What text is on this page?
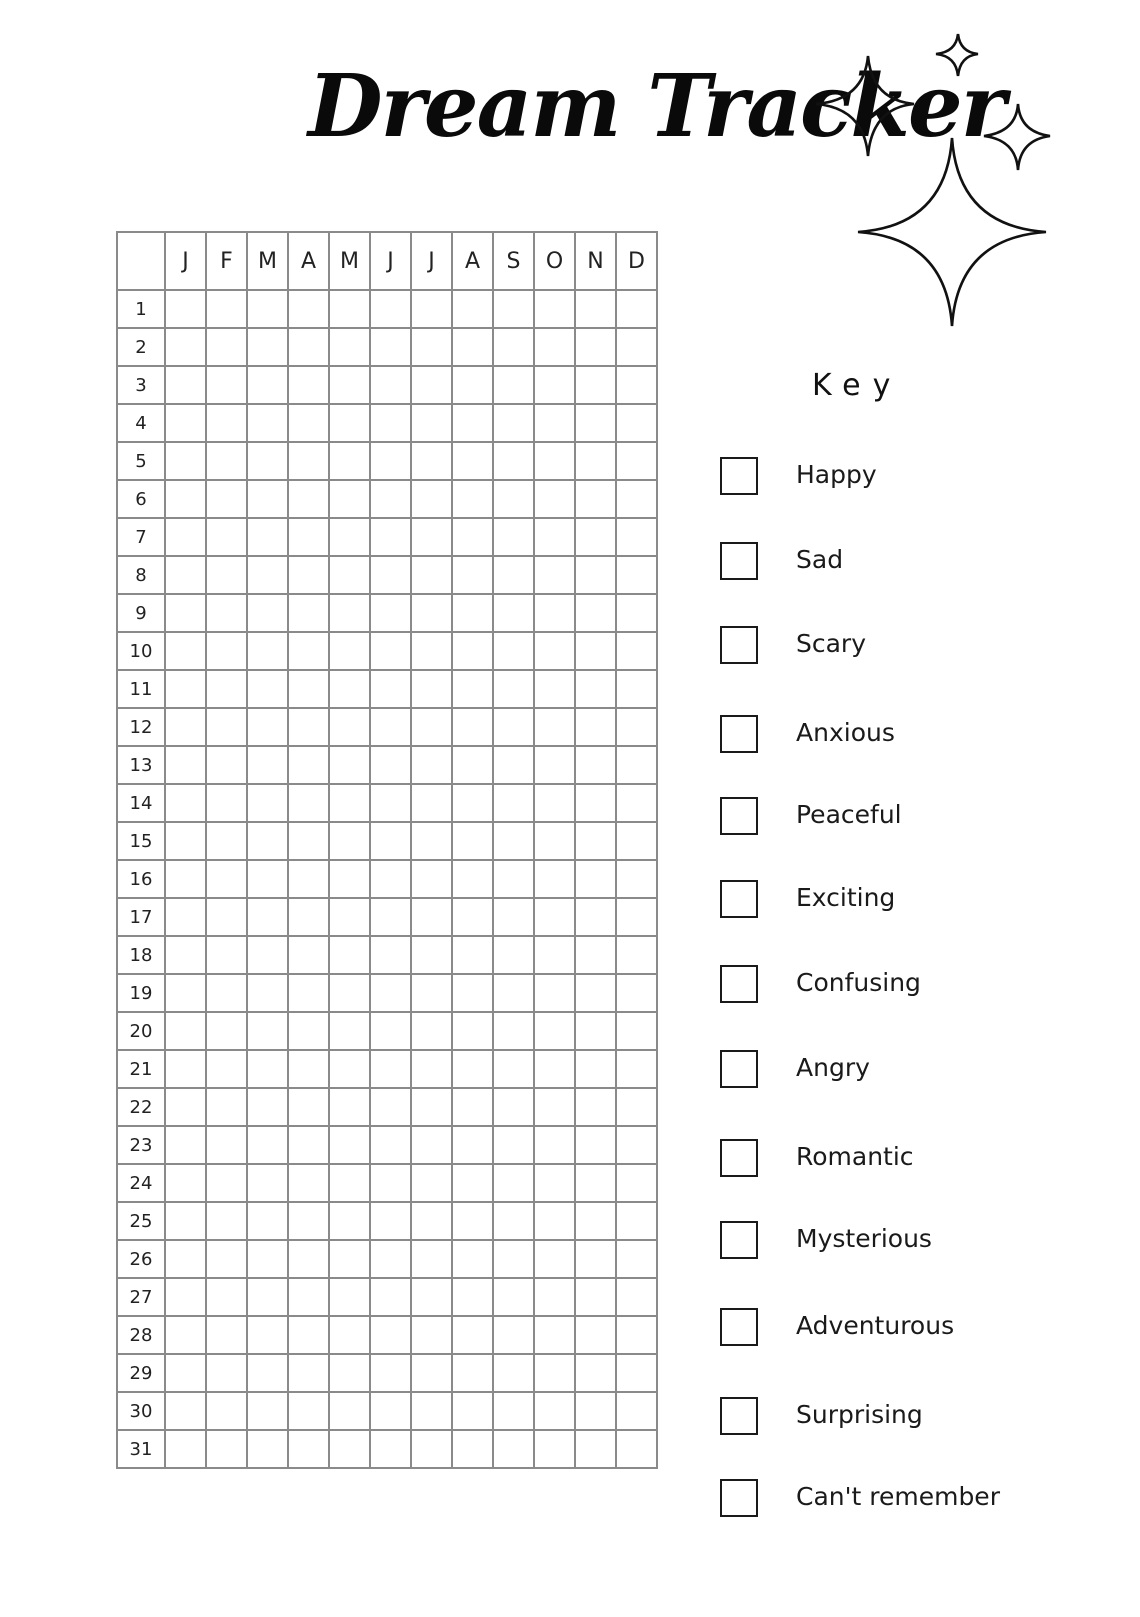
Dream Tracker
	J	F	M	A	M	J	J	A	S	O	N	D
1												
2												
3												
4												
5												
6												
7												
8												
9												
10												
11												
12												
13												
14												
15												
16												
17												
18												
19												
20												
21												
22												
23												
24												
25												
26												
27												
28												
29												
30												
31												
Key
Happy
Sad
Scary
Anxious
Peaceful
Exciting
Confusing
Angry
Romantic
Mysterious
Adventurous
Surprising
Can't remember
